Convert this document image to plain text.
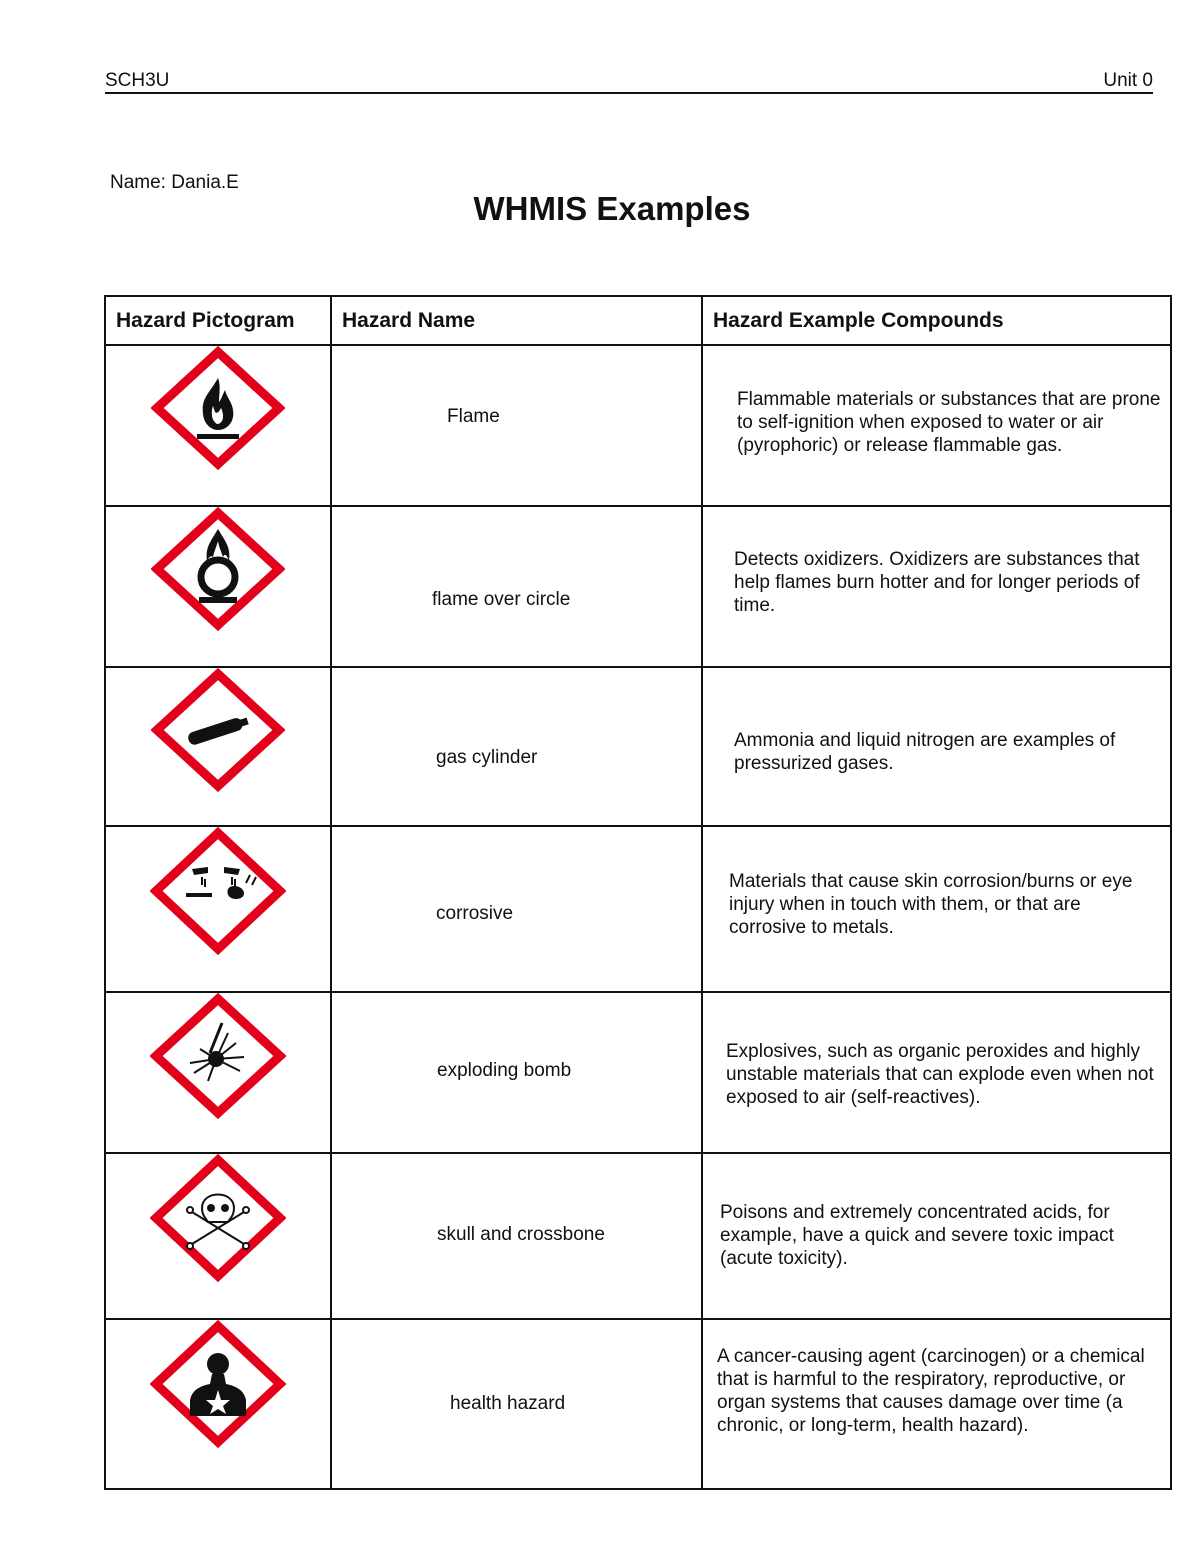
SCH3U	Unit 0
Name: Dania.E
WHMIS Examples
Hazard Pictogram	Hazard Name	Hazard Example Compounds

Flame	Flammable materials or substances that are prone to self-ignition when exposed to water or air (pyrophoric) or release flammable gas.

flame over circle	Detects oxidizers. Oxidizers are substances that help flames burn hotter and for longer periods of time.

gas cylinder	Ammonia and liquid nitrogen are examples of pressurized gases.

corrosive	Materials that cause skin corrosion/burns or eye injury when in touch with them, or that are corrosive to metals.

exploding bomb	Explosives, such as organic peroxides and highly unstable materials that can explode even when not exposed to air (self-reactives).

skull and crossbone	Poisons and extremely concentrated acids, for example, have a quick and severe toxic impact (acute toxicity).

health hazard	A cancer-causing agent (carcinogen) or a chemical that is harmful to the respiratory, reproductive, or organ systems that causes damage over time (a chronic, or long-term, health hazard).
